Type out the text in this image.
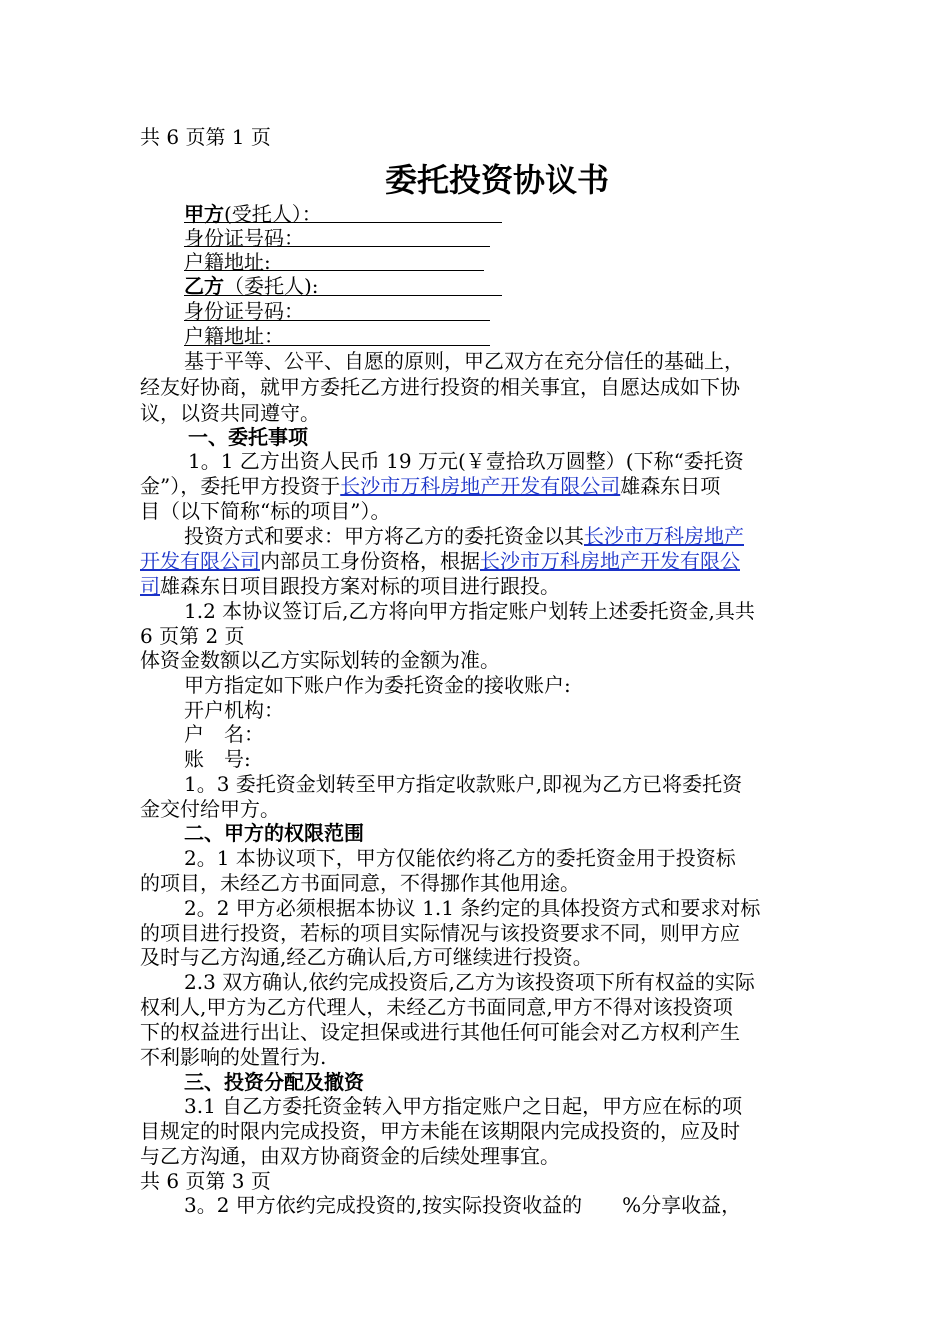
共 6 页第 1 页
委托投资协议书
甲方(受托人）：
身份证号码：
户籍地址:
乙方（委托人):
身份证号码：
户籍地址：
基于平等、公平、自愿的原则，甲乙双方在充分信任的基础上，
经友好协商，就甲方委托乙方进行投资的相关事宜，自愿达成如下协
议，以资共同遵守。
一、委托事项
1。1 乙方出资人民币 19 万元(￥壹拾玖万圆整）(下称“委托资
金”），委托甲方投资于长沙市万科房地产开发有限公司雄森东日项
目（以下简称“标的项目”）。
投资方式和要求：甲方将乙方的委托资金以其长沙市万科房地产
开发有限公司内部员工身份资格，根据长沙市万科房地产开发有限公
司雄森东日项目跟投方案对标的项目进行跟投。
1.2 本协议签订后,乙方将向甲方指定账户划转上述委托资金,具共
6 页第 2 页
体资金数额以乙方实际划转的金额为准。
甲方指定如下账户作为委托资金的接收账户:
开户机构：
户　名：
账　号:
1。3 委托资金划转至甲方指定收款账户,即视为乙方已将委托资
金交付给甲方。
二、甲方的权限范围
2。1 本协议项下，甲方仅能依约将乙方的委托资金用于投资标
的项目，未经乙方书面同意，不得挪作其他用途。
2。2 甲方必须根据本协议 1.1 条约定的具体投资方式和要求对标
的项目进行投资，若标的项目实际情况与该投资要求不同，则甲方应
及时与乙方沟通,经乙方确认后,方可继续进行投资。
2.3 双方确认,依约完成投资后,乙方为该投资项下所有权益的实际
权利人,甲方为乙方代理人，未经乙方书面同意,甲方不得对该投资项
下的权益进行出让、设定担保或进行其他任何可能会对乙方权利产生
不利影响的处置行为.
三、投资分配及撤资
3.1 自乙方委托资金转入甲方指定账户之日起，甲方应在标的项
目规定的时限内完成投资，甲方未能在该期限内完成投资的，应及时
与乙方沟通，由双方协商资金的后续处理事宜。
共 6 页第 3 页
3。2 甲方依约完成投资的,按实际投资收益的　　%分享收益，
